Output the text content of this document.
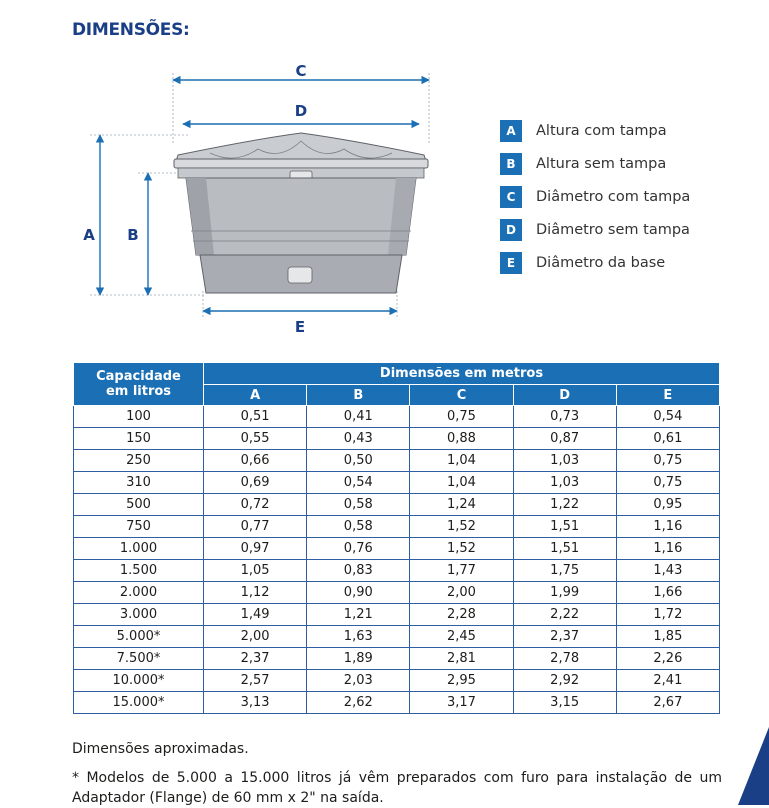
DIMENSÕES:
C
D
A B
E
A	Altura com tampa
B	Altura sem tampa
C	Diâmetro com tampa
D	Diâmetro sem tampa
E	Diâmetro da base
Capacidade
em litros	Dimensões em metros				
	A	B	C	D	E
100	0,51	0,41	0,75	0,73	0,54
150	0,55	0,43	0,88	0,87	0,61
250	0,66	0,50	1,04	1,03	0,75
310	0,69	0,54	1,04	1,03	0,75
500	0,72	0,58	1,24	1,22	0,95
750	0,77	0,58	1,52	1,51	1,16
1.000	0,97	0,76	1,52	1,51	1,16
1.500	1,05	0,83	1,77	1,75	1,43
2.000	1,12	0,90	2,00	1,99	1,66
3.000	1,49	1,21	2,28	2,22	1,72
5.000*	2,00	1,63	2,45	2,37	1,85
7.500*	2,37	1,89	2,81	2,78	2,26
10.000*	2,57	2,03	2,95	2,92	2,41
15.000*	3,13	2,62	3,17	3,15	2,67
Dimensões aproximadas.
* Modelos de 5.000 a 15.000 litros já vêm preparados com furo para instalação de um Adaptador (Flange) de 60 mm x 2" na saída.
